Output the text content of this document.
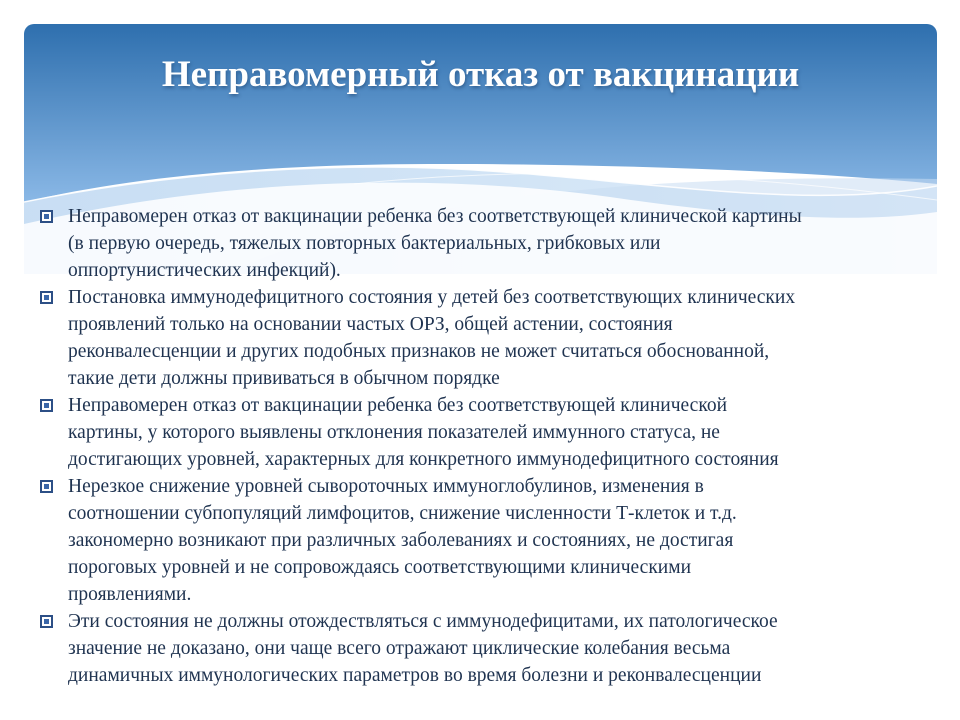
Неправомерный отказ от вакцинации
Неправомерен отказ от вакцинации ребенка без соответствующей клинической картины
(в первую очередь, тяжелых повторных бактериальных, грибковых или
оппортунистических инфекций).
Постановка иммунодефицитного состояния у детей без соответствующих клинических
проявлений только на основании частых ОРЗ, общей астении, состояния
реконвалесценции и других подобных признаков не может считаться обоснованной,
такие дети должны прививаться в обычном порядке
Неправомерен отказ от вакцинации ребенка без соответствующей клинической
картины, у которого выявлены отклонения показателей иммунного статуса, не
достигающих уровней, характерных для конкретного иммунодефицитного состояния
Нерезкое снижение уровней сывороточных иммуноглобулинов, изменения в
соотношении субпопуляций лимфоцитов, снижение численности Т-клеток и т.д.
закономерно возникают при различных заболеваниях и состояниях, не достигая
пороговых уровней и не сопровождаясь соответствующими клиническими
проявлениями.
Эти состояния не должны отождествляться с иммунодефицитами, их патологическое
значение не доказано, они чаще всего отражают циклические колебания весьма
динамичных иммунологических параметров во время болезни и реконвалесценции
